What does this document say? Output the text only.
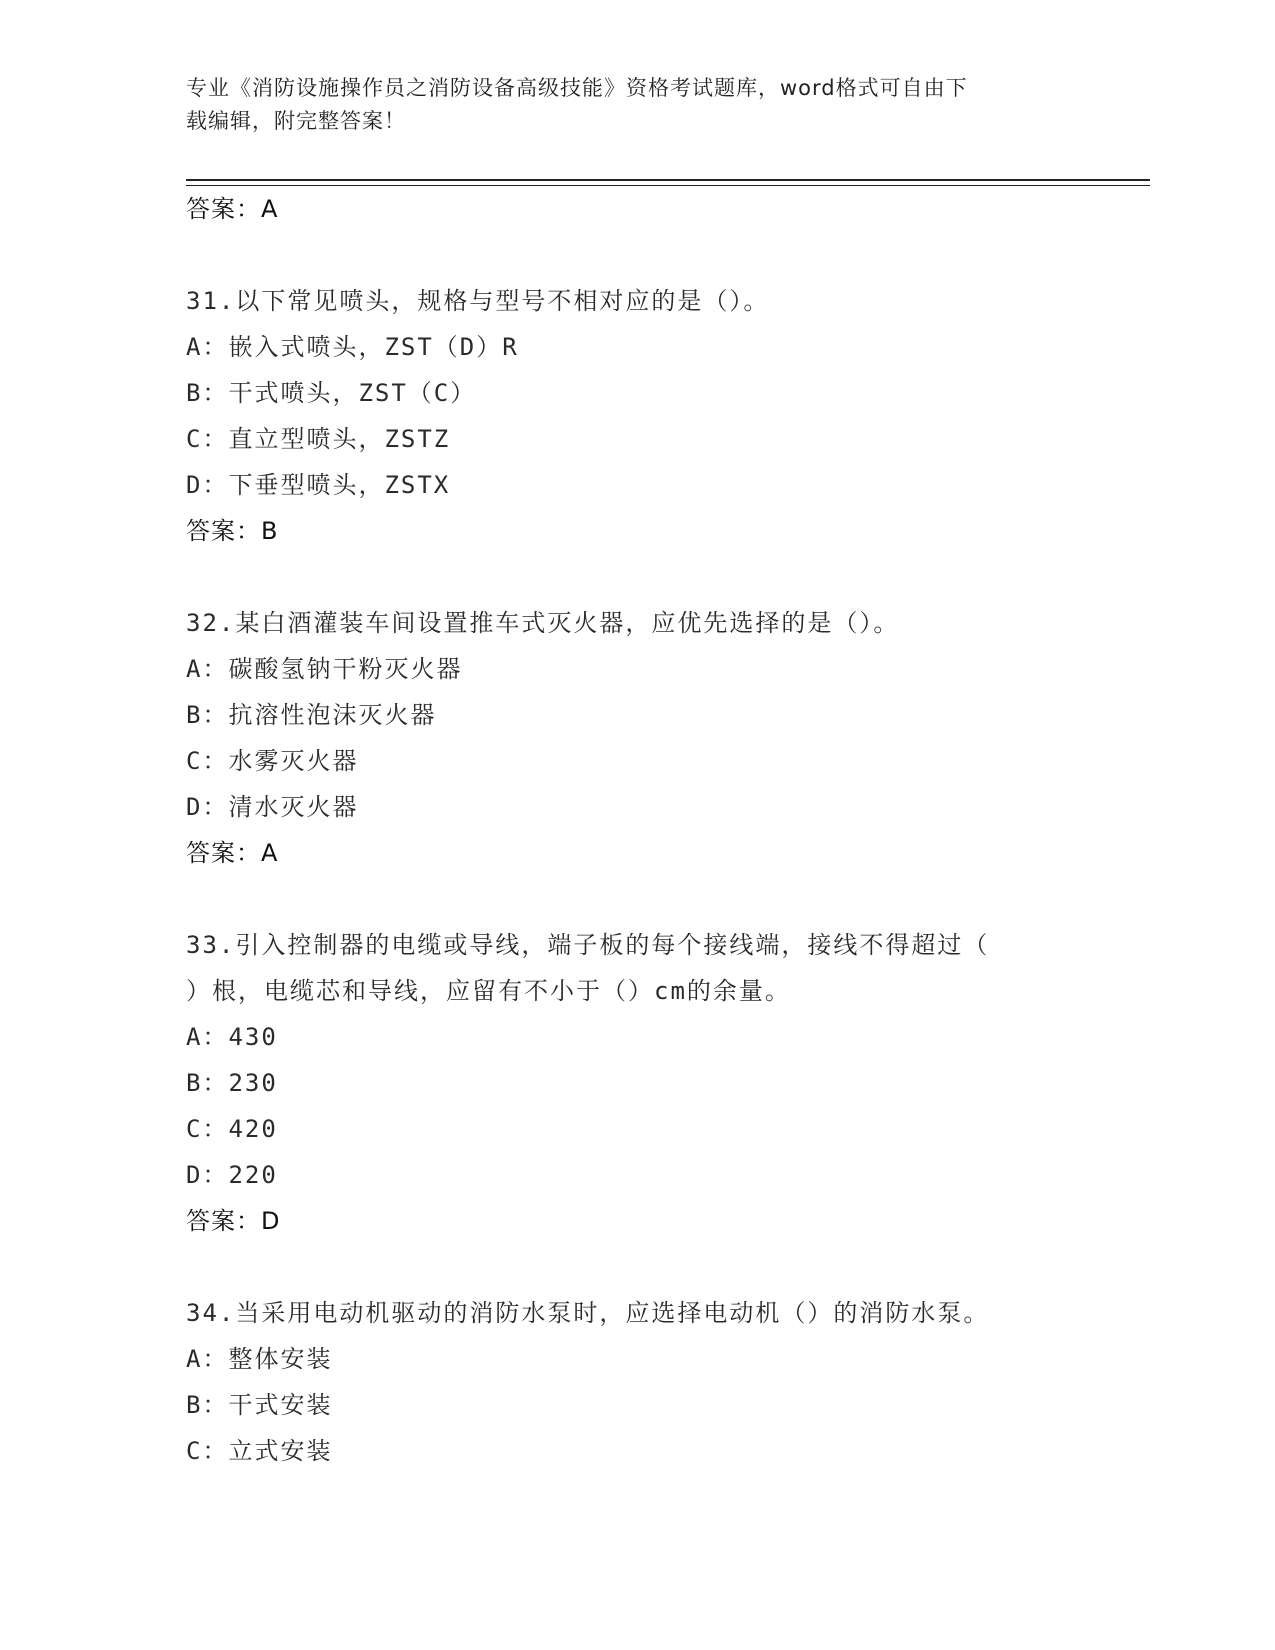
专业《消防设施操作员之消防设备高级技能》资格考试题库，word格式可自由下
载编辑，附完整答案！
答案：A
31.以下常见喷头，规格与型号不相对应的是（）。
A：嵌入式喷头，ZST（D）R
B：干式喷头，ZST（C）
C：直立型喷头，ZSTZ
D：下垂型喷头，ZSTX
答案：B
32.某白酒灌装车间设置推车式灭火器，应优先选择的是（）。
A：碳酸氢钠干粉灭火器
B：抗溶性泡沫灭火器
C：水雾灭火器
D：清水灭火器
答案：A
33.引入控制器的电缆或导线，端子板的每个接线端，接线不得超过（
）根，电缆芯和导线，应留有不小于（）cm的余量。
A：430
B：230
C：420
D：220
答案：D
34.当采用电动机驱动的消防水泵时，应选择电动机（）的消防水泵。
A：整体安装
B：干式安装
C：立式安装
